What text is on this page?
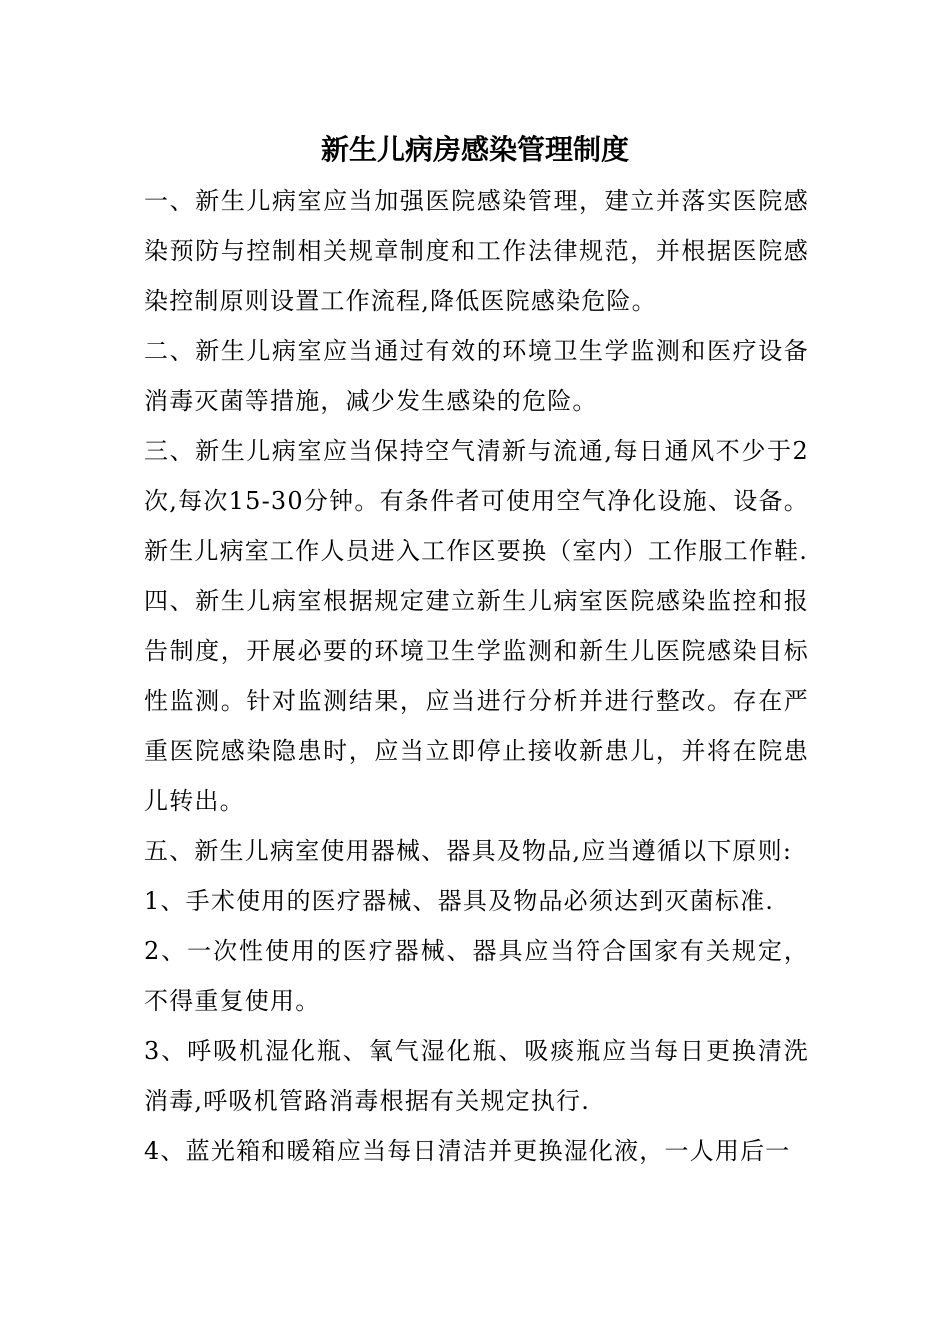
新生儿病房感染管理制度

一、新生儿病室应当加强医院感染管理，建立并落实医院感染预防与控制相关规章制度和工作法律规范，并根据医院感染控制原则设置工作流程,降低医院感染危险。

二、新生儿病室应当通过有效的环境卫生学监测和医疗设备消毒灭菌等措施，减少发生感染的危险。

三、新生儿病室应当保持空气清新与流通,每日通风不少于2次,每次15-30分钟。有条件者可使用空气净化设施、设备。新生儿病室工作人员进入工作区要换（室内）工作服工作鞋.

四、新生儿病室根据规定建立新生儿病室医院感染监控和报告制度，开展必要的环境卫生学监测和新生儿医院感染目标性监测。针对监测结果，应当进行分析并进行整改。存在严重医院感染隐患时，应当立即停止接收新患儿，并将在院患儿转出。

五、新生儿病室使用器械、器具及物品,应当遵循以下原则:

1、手术使用的医疗器械、器具及物品必须达到灭菌标准.

2、一次性使用的医疗器械、器具应当符合国家有关规定，不得重复使用。

3、呼吸机湿化瓶、氧气湿化瓶、吸痰瓶应当每日更换清洗消毒,呼吸机管路消毒根据有关规定执行.

4、蓝光箱和暖箱应当每日清洁并更换湿化液，一人用后一
